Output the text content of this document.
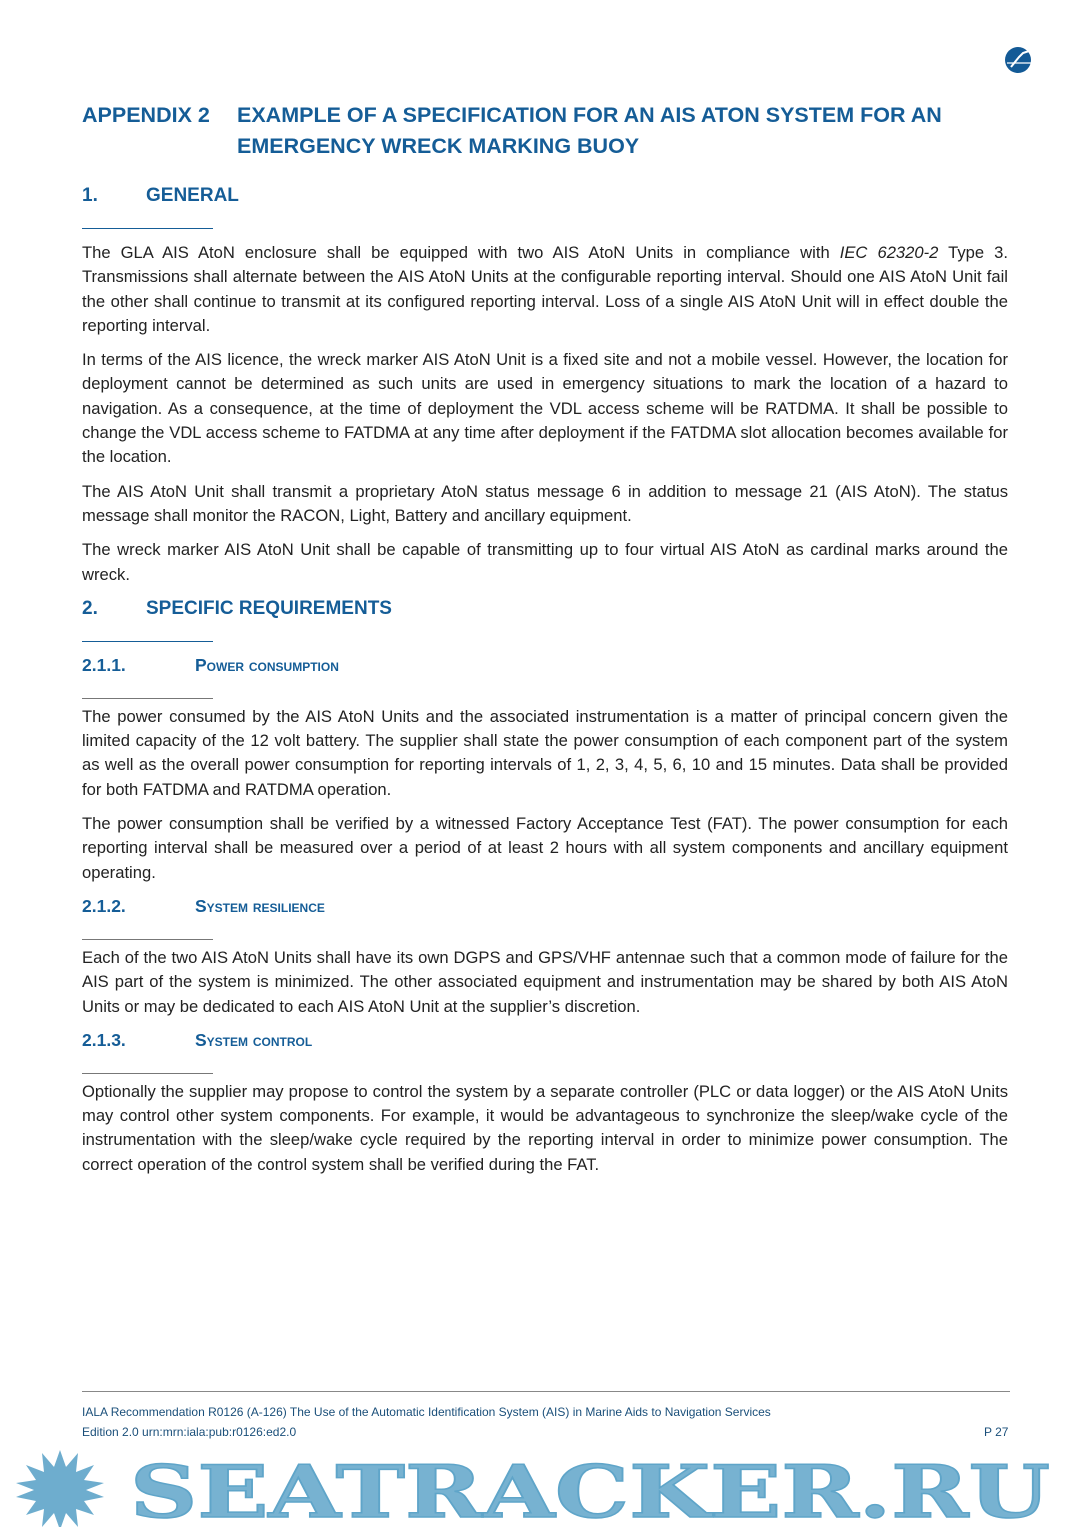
APPENDIX 2	EXAMPLE OF A SPECIFICATION FOR AN AIS ATON SYSTEM FOR AN EMERGENCY WRECK MARKING BUOY
1.	GENERAL

The GLA AIS AtoN enclosure shall be equipped with two AIS AtoN Units in compliance with IEC 62320-2 Type 3. Transmissions shall alternate between the AIS AtoN Units at the configurable reporting interval. Should one AIS AtoN Unit fail the other shall continue to transmit at its configured reporting interval. Loss of a single AIS AtoN Unit will in effect double the reporting interval.

In terms of the AIS licence, the wreck marker AIS AtoN Unit is a fixed site and not a mobile vessel. However, the location for deployment cannot be determined as such units are used in emergency situations to mark the location of a hazard to navigation. As a consequence, at the time of deployment the VDL access scheme will be RATDMA. It shall be possible to change the VDL access scheme to FATDMA at any time after deployment if the FATDMA slot allocation becomes available for the location.

The AIS AtoN Unit shall transmit a proprietary AtoN status message 6 in addition to message 21 (AIS AtoN). The status message shall monitor the RACON, Light, Battery and ancillary equipment.

The wreck marker AIS AtoN Unit shall be capable of transmitting up to four virtual AIS AtoN as cardinal marks around the wreck.

2.	SPECIFIC REQUIREMENTS
2.1.1.	Power consumption

The power consumed by the AIS AtoN Units and the associated instrumentation is a matter of principal concern given the limited capacity of the 12 volt battery. The supplier shall state the power consumption of each component part of the system as well as the overall power consumption for reporting intervals of 1, 2, 3, 4, 5, 6, 10 and 15 minutes. Data shall be provided for both FATDMA and RATDMA operation.

The power consumption shall be verified by a witnessed Factory Acceptance Test (FAT). The power consumption for each reporting interval shall be measured over a period of at least 2 hours with all system components and ancillary equipment operating.

2.1.2.	System resilience

Each of the two AIS AtoN Units shall have its own DGPS and GPS/VHF antennae such that a common mode of failure for the AIS part of the system is minimized. The other associated equipment and instrumentation may be shared by both AIS AtoN Units or may be dedicated to each AIS AtoN Unit at the supplier’s discretion.

2.1.3.	System control

Optionally the supplier may propose to control the system by a separate controller (PLC or data logger) or the AIS AtoN Units may control other system components. For example, it would be advantageous to synchronize the sleep/wake cycle of the instrumentation with the sleep/wake cycle required by the reporting interval in order to minimize power consumption. The correct operation of the control system shall be verified during the FAT.

IALA Recommendation R0126 (A-126) The Use of the Automatic Identification System (AIS) in Marine Aids to Navigation Services
Edition 2.0 urn:mrn:iala:pub:r0126:ed2.0	P 27
SEATRACKER.RU
